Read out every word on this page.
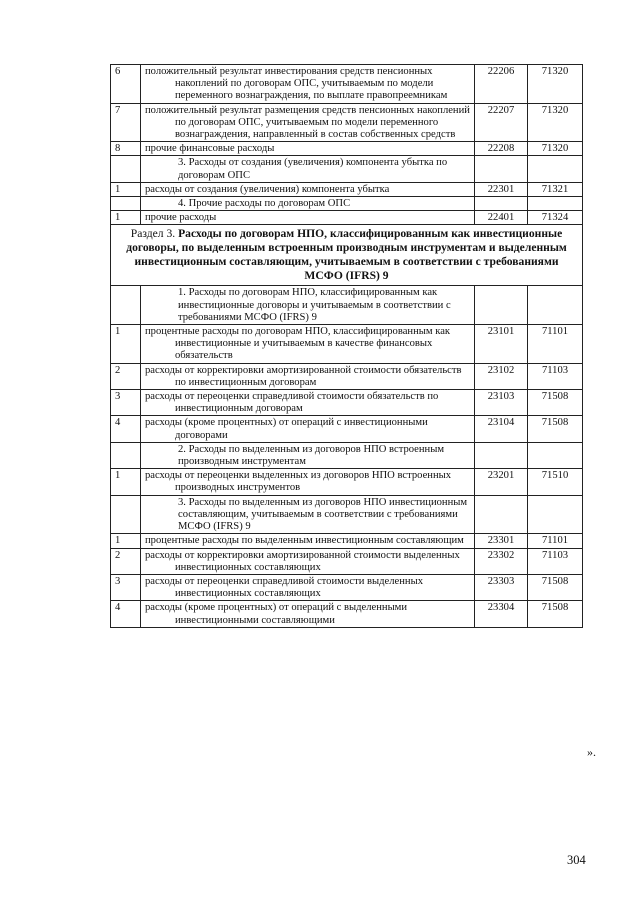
6	положительный результат инвестирования средств пенсионных накоплений по договорам ОПС, учитываемым по модели переменного вознаграждения, по выплате правопреемникам	22206	71320
7	положительный результат размещения средств пенсионных накоплений по договорам ОПС, учитываемым по модели переменного вознаграждения, направленный в состав собственных средств	22207	71320
8	прочие финансовые расходы	22208	71320
	3. Расходы от создания (увеличения) компонента убытка по договорам ОПС		
1	расходы от создания (увеличения) компонента убытка	22301	71321
	4. Прочие расходы по договорам ОПС		
1	прочие расходы	22401	71324
Раздел 3. Расходы по договорам НПО, классифицированным как инвестиционные договоры, по выделенным встроенным производным инструментам и выделенным инвестиционным составляющим, учитываемым в соответствии с требованиями МСФО (IFRS) 9			
	1. Расходы по договорам НПО, классифицированным как инвестиционные договоры и учитываемым в соответствии с требованиями МСФО (IFRS) 9		
1	процентные расходы по договорам НПО, классифицированным как инвестиционные и учитываемым в качестве финансовых обязательств	23101	71101
2	расходы от корректировки амортизированной стоимости обязательств по инвестиционным договорам	23102	71103
3	расходы от переоценки справедливой стоимости обязательств по инвестиционным договорам	23103	71508
4	расходы (кроме процентных) от операций с инвестиционными договорами	23104	71508
	2. Расходы по выделенным из договоров НПО встроенным производным инструментам		
1	расходы от переоценки выделенных из договоров НПО встроенных производных инструментов	23201	71510
	3. Расходы по выделенным из договоров НПО инвестиционным составляющим, учитываемым в соответствии с требованиями МСФО (IFRS) 9		
1	процентные расходы по выделенным инвестиционным составляющим	23301	71101
2	расходы от корректировки амортизированной стоимости выделенных инвестиционных составляющих	23302	71103
3	расходы от переоценки справедливой стоимости выделенных инвестиционных составляющих	23303	71508
4	расходы (кроме процентных) от операций с выделенными инвестиционными составляющими	23304	71508
».
304
